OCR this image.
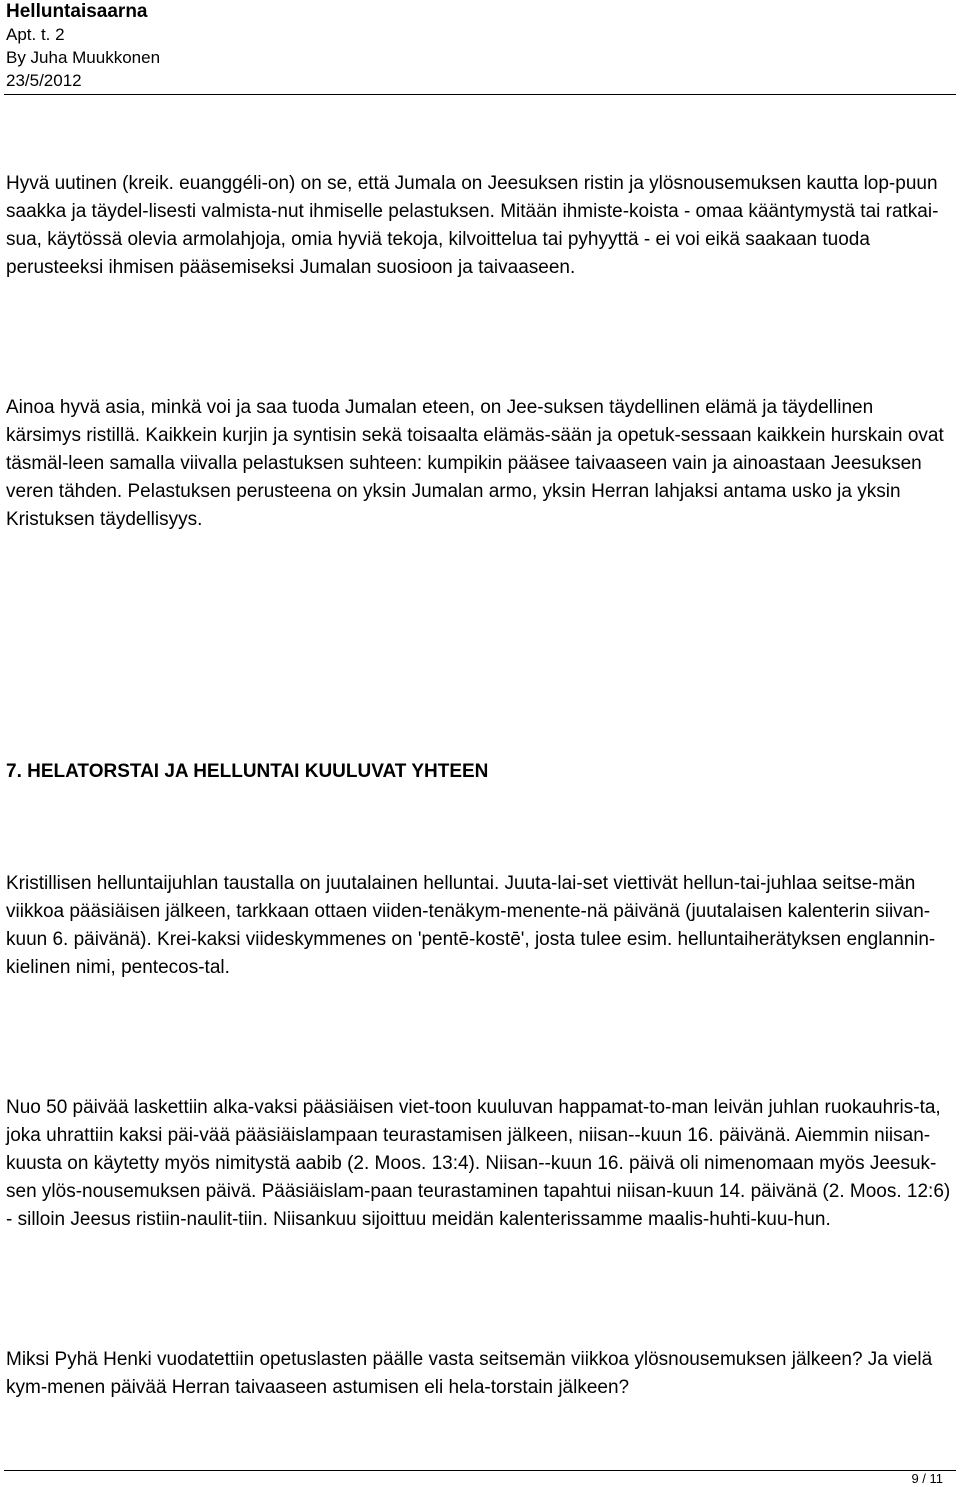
Helluntaisaarna
Apt. t. 2
By Juha Muukkonen
23/5/2012

Hyvä uutinen (kreik. euanggéli-on) on se, että Jumala on Jeesuksen ristin ja ylösnousemuksen kautta lop-puun saakka ja täydel-lisesti valmista-nut ihmiselle pelastuksen. Mitään ihmiste-koista - omaa kääntymystä tai ratkai-sua, käytössä olevia armolahjoja, omia hyviä tekoja, kilvoittelua tai pyhyyttä - ei voi eikä saakaan tuoda perusteeksi ihmisen pääsemiseksi Jumalan suosioon ja taivaaseen.

Ainoa hyvä asia, minkä voi ja saa tuoda Jumalan eteen, on Jee-suksen täydellinen elämä ja täydellinen kärsimys ristillä. Kaikkein kurjin ja syntisin sekä toisaalta elämäs-sään ja opetuk-sessaan kaikkein hurskain ovat täsmäl-leen samalla viivalla pelastuksen suhteen: kumpikin pääsee taivaaseen vain ja ainoastaan Jeesuksen veren tähden. Pelastuksen perusteena on yksin Jumalan armo, yksin Herran lahjaksi antama usko ja yksin Kristuksen täydellisyys.

7. HELATORSTAI JA HELLUNTAI KUULUVAT YHTEEN

Kristillisen helluntaijuhlan taustalla on juutalainen helluntai. Juuta-lai-set viettivät hellun-tai-juhlaa seitse-män viikkoa pääsiäisen jälkeen, tarkkaan ottaen viiden-tenäkym-menente-nä päivänä (juutalaisen kalenterin siivan-kuun 6. päivänä). Krei-kaksi viideskymmenes on 'pentē-kostē', josta tulee esim. helluntaiherätyksen englannin-kielinen nimi, pentecos-tal.

Nuo 50 päivää laskettiin alka-vaksi pääsiäisen viet-toon kuuluvan happamat-to-man leivän juhlan ruokauhris-ta, joka uhrattiin kaksi päi-vää pääsiäislampaan teurastamisen jälkeen, niisan--kuun 16. päivänä. Aiemmin niisan-kuusta on käytetty myös nimitystä aabib (2. Moos. 13:4). Niisan--kuun 16. päivä oli nimenomaan myös Jeesuk-sen ylös-nousemuksen päivä. Pääsiäislam-paan teurastaminen tapahtui niisan-kuun 14. päivänä (2. Moos. 12:6) - silloin Jeesus ristiin-naulit-tiin. Niisankuu sijoittuu meidän kalenterissamme maalis-huhti-kuu-hun.

Miksi Pyhä Henki vuodatettiin opetuslasten päälle vasta seitsemän viikkoa ylösnousemuksen jälkeen? Ja vielä kym-menen päivää Herran taivaaseen astumisen eli hela-torstain jälkeen?

9 / 11
